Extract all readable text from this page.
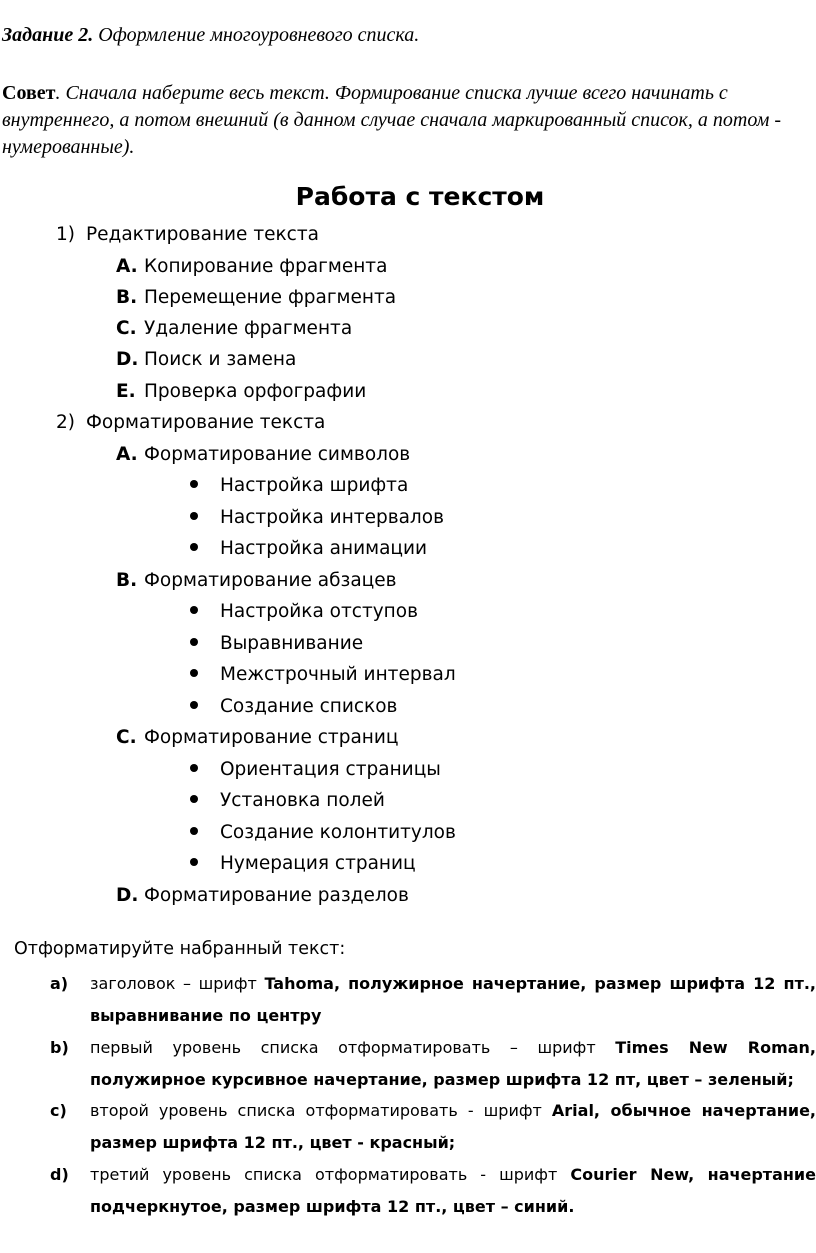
Задание 2. Оформление многоуровневого списка.
Совет. Сначала наберите весь текст. Формирование списка лучше всего начинать с внутреннего, а потом внешний (в данном случае сначала маркированный список, а потом - нумерованные).
Работа с текстом
1) Редактирование текста
A. Копирование фрагмента
B. Перемещение фрагмента
C. Удаление фрагмента
D. Поиск и замена
E. Проверка орфографии
2) Форматирование текста
A. Форматирование символов
Настройка шрифта
Настройка интервалов
Настройка анимации
B. Форматирование абзацев
Настройка отступов
Выравнивание
Межстрочный интервал
Создание списков
C. Форматирование страниц
Ориентация страницы
Установка полей
Создание колонтитулов
Нумерация страниц
D. Форматирование разделов
Отформатируйте набранный текст:
a) заголовок – шрифт Tahoma, полужирное начертание, размер шрифта 12 пт., выравнивание по центру
b) первый уровень списка отформатировать – шрифт Times New Roman, полужирное курсивное начертание, размер шрифта 12 пт, цвет – зеленый;
c) второй уровень списка отформатировать - шрифт Arial, обычное начертание, размер шрифта 12 пт., цвет - красный;
d) третий уровень списка отформатировать - шрифт Courier New, начертание подчеркнутое, размер шрифта 12 пт., цвет – синий.
